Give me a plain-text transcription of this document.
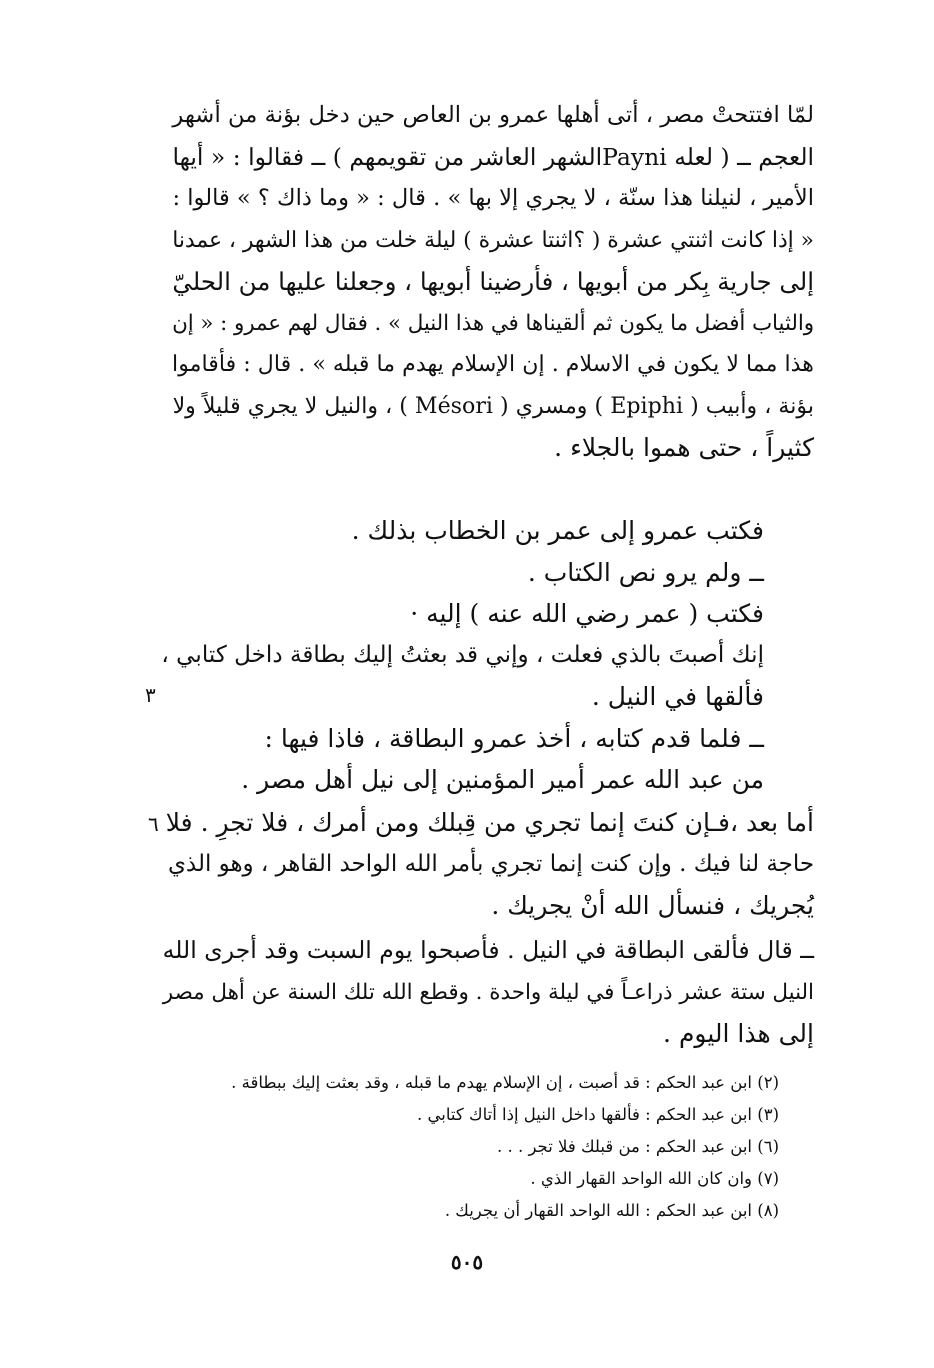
لمّا افتتحتْ مصر ، أتى أهلها عمرو بن العاص حين دخل بؤنة من أشهر
العجم ــ ( لعله Payniالشهر العاشر من تقويمهم ) ــ فقالوا : « أيها
الأمير ، لنيلنا هذا سنّة ، لا يجري إلا بها » . قال : « وما ذاك ؟ » قالوا :
« إذا كانت اثنتي عشرة ( ؟اثنتا عشرة ) ليلة خلت من هذا الشهر ، عمدنا
إلى جارية بِكر من أبويها ، فأرضينا أبويها ، وجعلنا عليها من الحليّ
والثياب أفضل ما يكون ثم ألقيناها في هذا النيل » . فقال لهم عمرو : « إن
هذا مما لا يكون في الاسلام . إن الإسلام يهدم ما قبله » . قال : فأقاموا
بؤنة ، وأبيب ( Epiphi ) ومسري ( Mésori ) ، والنيل لا يجري قليلاً ولا
كثيراً ، حتى هموا بالجلاء .
فكتب عمرو إلى عمر بن الخطاب بذلك .
ــ ولم يرو نص الكتاب .
فكتب ( عمر رضي الله عنه ) إليه ·
إنك أصبتَ بالذي فعلت ، وإني قد بعثتُ إليك بطاقة داخل كتابي ،
فألقها في النيل .
ــ فلما قدم كتابه ، أخذ عمرو البطاقة ، فاذا فيها :
من عبد الله عمر أمير المؤمنين إلى نيل أهل مصر .
أما بعد ،فـإن كنتَ إنما تجري من قِبلك ومن أمرك ، فلا تجرِ . فلا
حاجة لنا فيك . وإن كنت إنما تجري بأمر الله الواحد القاهر ، وهو الذي
يُجريك ، فنسأل الله أنْ يجريك .
ــ قال فألقى البطاقة في النيل . فأصبحوا يوم السبت وقد أجرى الله
النيل ستة عشر ذراعـاً في ليلة واحدة . وقطع الله تلك السنة عن أهل مصر
إلى هذا اليوم .
٣
٦
(٢) ابن عبد الحكم : قد أصبت ، إن الإسلام يهدم ما قبله ، وقد بعثت إليك ببطاقة .
(٣) ابن عبد الحكم : فألقها داخل النيل إذا أتاك كتابي .
(٦) ابن عبد الحكم : من قبلك فلا تجر . . .
(٧) وان كان الله الواحد القهار الذي .
(٨) ابن عبد الحكم : الله الواحد القهار أن يجريك .
٥٠٥
